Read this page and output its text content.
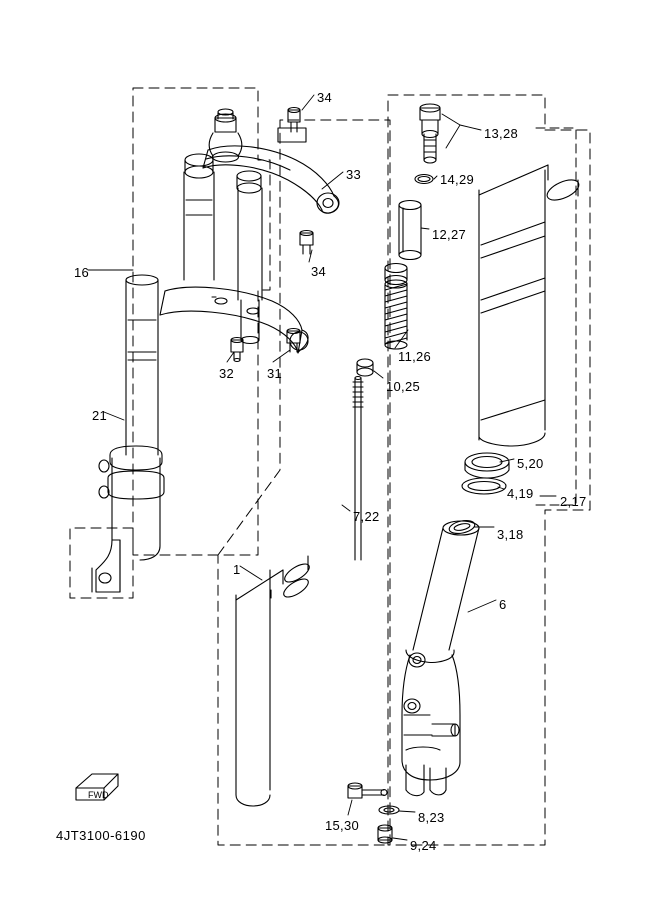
34
33
34
16
21
32	31
1
13,28
14,29
12,27
11,26
10,25
7,22
5,20
4,19
3,18
2,17
6
15,30
8,23
9,24
FWD
4JT3100-6190
